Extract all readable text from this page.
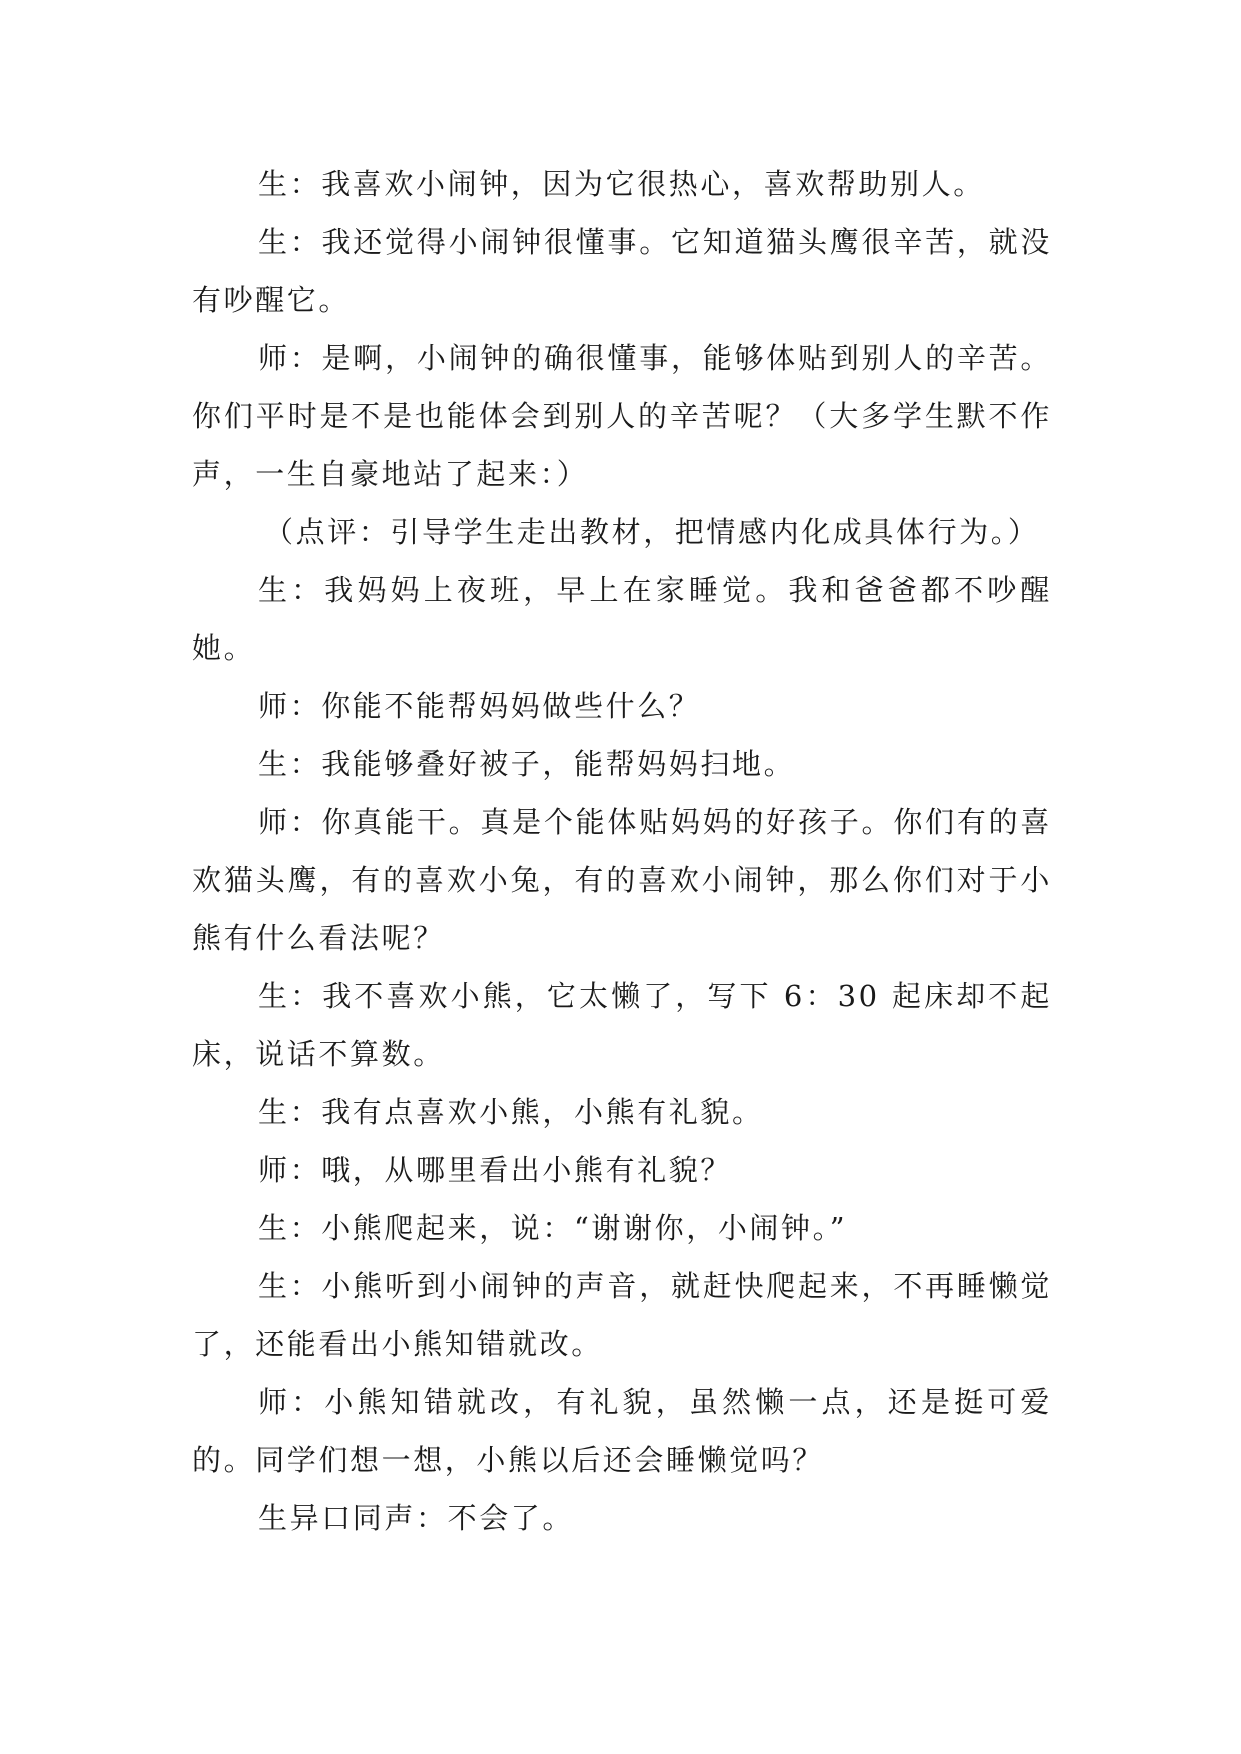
生：我喜欢小闹钟，因为它很热心，喜欢帮助别人。

生：我还觉得小闹钟很懂事。它知道猫头鹰很辛苦，就没有吵醒它。

师：是啊，小闹钟的确很懂事，能够体贴到别人的辛苦。你们平时是不是也能体会到别人的辛苦呢？（大多学生默不作声，一生自豪地站了起来：）

（点评：引导学生走出教材，把情感内化成具体行为。）

生：我妈妈上夜班，早上在家睡觉。我和爸爸都不吵醒她。

师：你能不能帮妈妈做些什么？

生：我能够叠好被子，能帮妈妈扫地。

师：你真能干。真是个能体贴妈妈的好孩子。你们有的喜欢猫头鹰，有的喜欢小兔，有的喜欢小闹钟，那么你们对于小熊有什么看法呢？

生：我不喜欢小熊，它太懒了，写下 6：30 起床却不起床，说话不算数。

生：我有点喜欢小熊，小熊有礼貌。

师：哦，从哪里看出小熊有礼貌？

生：小熊爬起来，说：“谢谢你，小闹钟。”

生：小熊听到小闹钟的声音，就赶快爬起来，不再睡懒觉了，还能看出小熊知错就改。

师：小熊知错就改，有礼貌，虽然懒一点，还是挺可爱的。同学们想一想，小熊以后还会睡懒觉吗？

生异口同声：不会了。
